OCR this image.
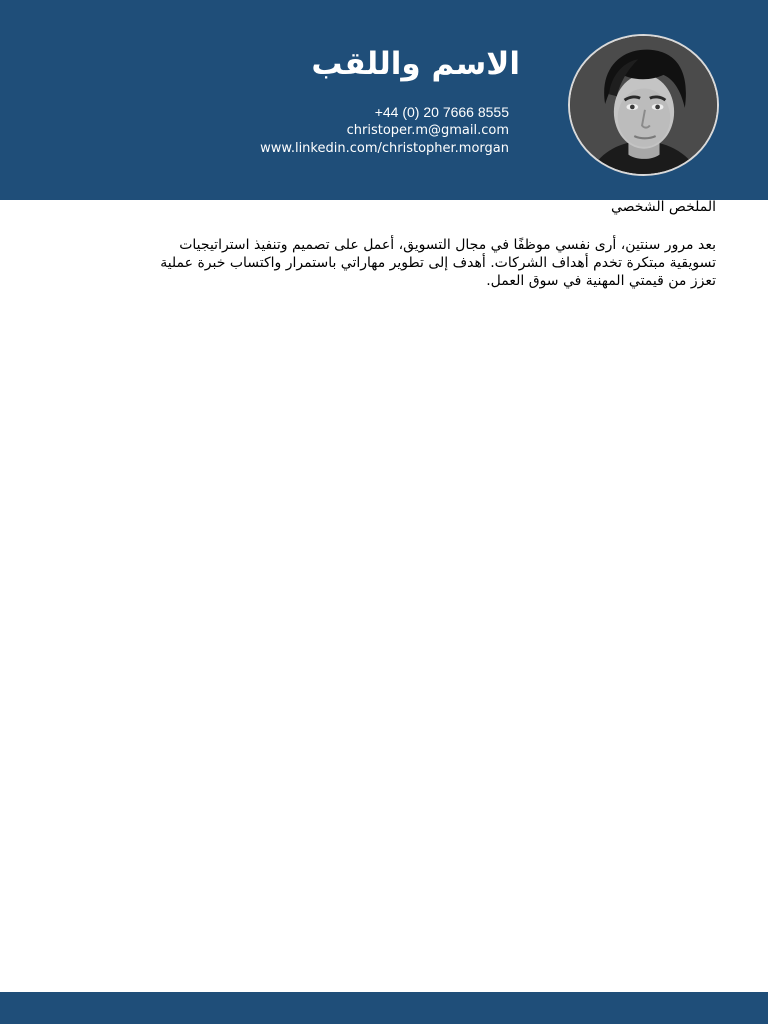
الاسم واللقب
+44 (0) 20 7666 8555
christoper.m@gmail.com
www.linkedin.com/christopher.morgan
الملخص الشخصي
بعد مرور سنتين، أرى نفسي موظفًا في مجال التسويق، أعمل على تصميم وتنفيذ استراتيجيات
تسويقية مبتكرة تخدم أهداف الشركات. أهدف إلى تطوير مهاراتي باستمرار واكتساب خبرة عملية
تعزز من قيمتي المهنية في سوق العمل.
